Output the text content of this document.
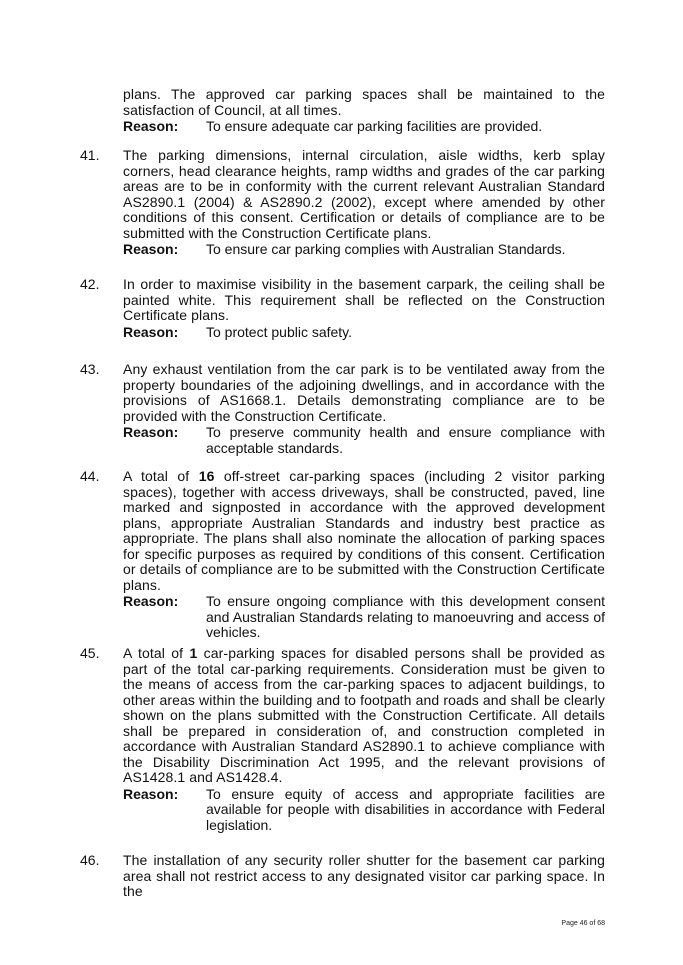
plans. The approved car parking spaces shall be maintained to the satisfaction of Council, at all times.

Reason:	To ensure adequate car parking facilities are provided.
41. The parking dimensions, internal circulation, aisle widths, kerb splay corners, head clearance heights, ramp widths and grades of the car parking areas are to be in conformity with the current relevant Australian Standard AS2890.1 (2004) & AS2890.2 (2002), except where amended by other conditions of this consent. Certification or details of compliance are to be submitted with the Construction Certificate plans.

Reason:	To ensure car parking complies with Australian Standards.
42. In order to maximise visibility in the basement carpark, the ceiling shall be painted white. This requirement shall be reflected on the Construction Certificate plans.

Reason:	To protect public safety.
43. Any exhaust ventilation from the car park is to be ventilated away from the property boundaries of the adjoining dwellings, and in accordance with the provisions of AS1668.1. Details demonstrating compliance are to be provided with the Construction Certificate.

Reason:	To preserve community health and ensure compliance with acceptable standards.
44. A total of 16 off-street car-parking spaces (including 2 visitor parking spaces), together with access driveways, shall be constructed, paved, line marked and signposted in accordance with the approved development plans, appropriate Australian Standards and industry best practice as appropriate. The plans shall also nominate the allocation of parking spaces for specific purposes as required by conditions of this consent. Certification or details of compliance are to be submitted with the Construction Certificate plans.

Reason:	To ensure ongoing compliance with this development consent and Australian Standards relating to manoeuvring and access of vehicles.
45. A total of 1 car-parking spaces for disabled persons shall be provided as part of the total car-parking requirements. Consideration must be given to the means of access from the car-parking spaces to adjacent buildings, to other areas within the building and to footpath and roads and shall be clearly shown on the plans submitted with the Construction Certificate. All details shall be prepared in consideration of, and construction completed in accordance with Australian Standard AS2890.1 to achieve compliance with the Disability Discrimination Act 1995, and the relevant provisions of AS1428.1 and AS1428.4.

Reason:	To ensure equity of access and appropriate facilities are available for people with disabilities in accordance with Federal legislation.
46. The installation of any security roller shutter for the basement car parking area shall not restrict access to any designated visitor car parking space. In the

Page 46 of 68
